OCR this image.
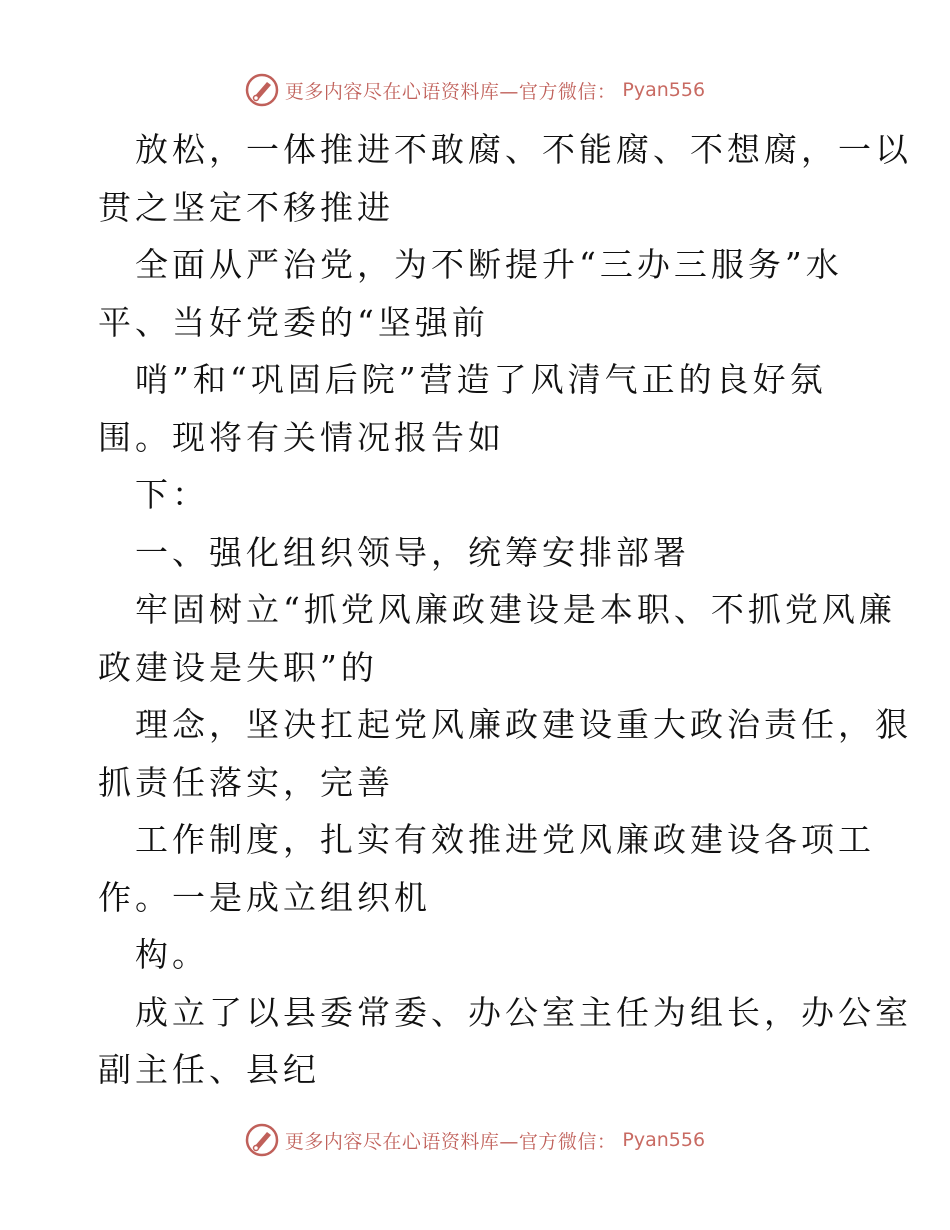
更多内容尽在心语资料库—官方微信： Pyan556
放松，一体推进不敢腐、不能腐、不想腐，一以
贯之坚定不移推进
全面从严治党，为不断提升“三办三服务”水
平、当好党委的“坚强前
哨”和“巩固后院”营造了风清气正的良好氛
围。现将有关情况报告如
下：
一、强化组织领导，统筹安排部署
牢固树立“抓党风廉政建设是本职、不抓党风廉
政建设是失职”的
理念，坚决扛起党风廉政建设重大政治责任，狠
抓责任落实，完善
工作制度，扎实有效推进党风廉政建设各项工
作。一是成立组织机
构。
成立了以县委常委、办公室主任为组长，办公室
副主任、县纪
更多内容尽在心语资料库—官方微信： Pyan556
